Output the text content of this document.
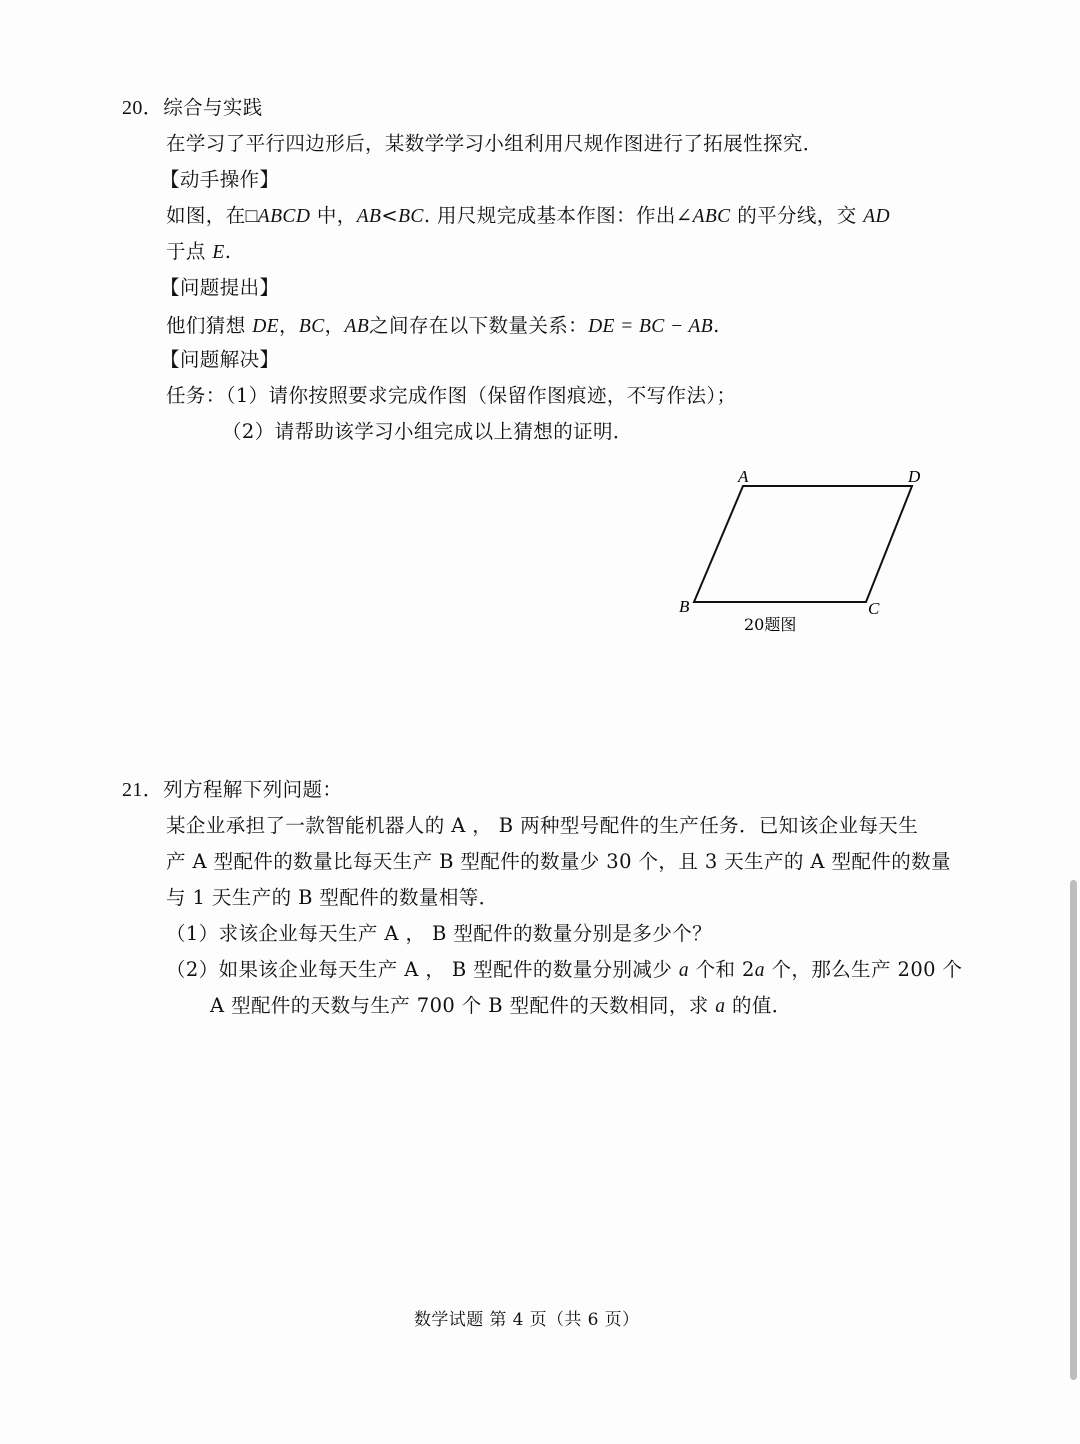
20．综合与实践
在学习了平行四边形后，某数学学习小组利用尺规作图进行了拓展性探究．
【动手操作】
如图，在□ABCD 中，AB<BC. 用尺规完成基本作图：作出∠ABC 的平分线，交 AD
于点 E.
【问题提出】
他们猜想 DE，BC，AB之间存在以下数量关系：DE = BC − AB.
【问题解决】
任务：（1）请你按照要求完成作图（保留作图痕迹，不写作法）；
（2）请帮助该学习小组完成以上猜想的证明．
A	D
B	C
20题图
21．列方程解下列问题：
某企业承担了一款智能机器人的 A ， B 两种型号配件的生产任务．已知该企业每天生
产 A 型配件的数量比每天生产 B 型配件的数量少 30 个，且 3 天生产的 A 型配件的数量
与 1 天生产的 B 型配件的数量相等．
（1）求该企业每天生产 A ， B 型配件的数量分别是多少个？
（2）如果该企业每天生产 A ， B 型配件的数量分别减少 a 个和 2a 个，那么生产 200 个
A 型配件的天数与生产 700 个 B 型配件的天数相同，求 a 的值．
数学试题 第 4 页（共 6 页）
